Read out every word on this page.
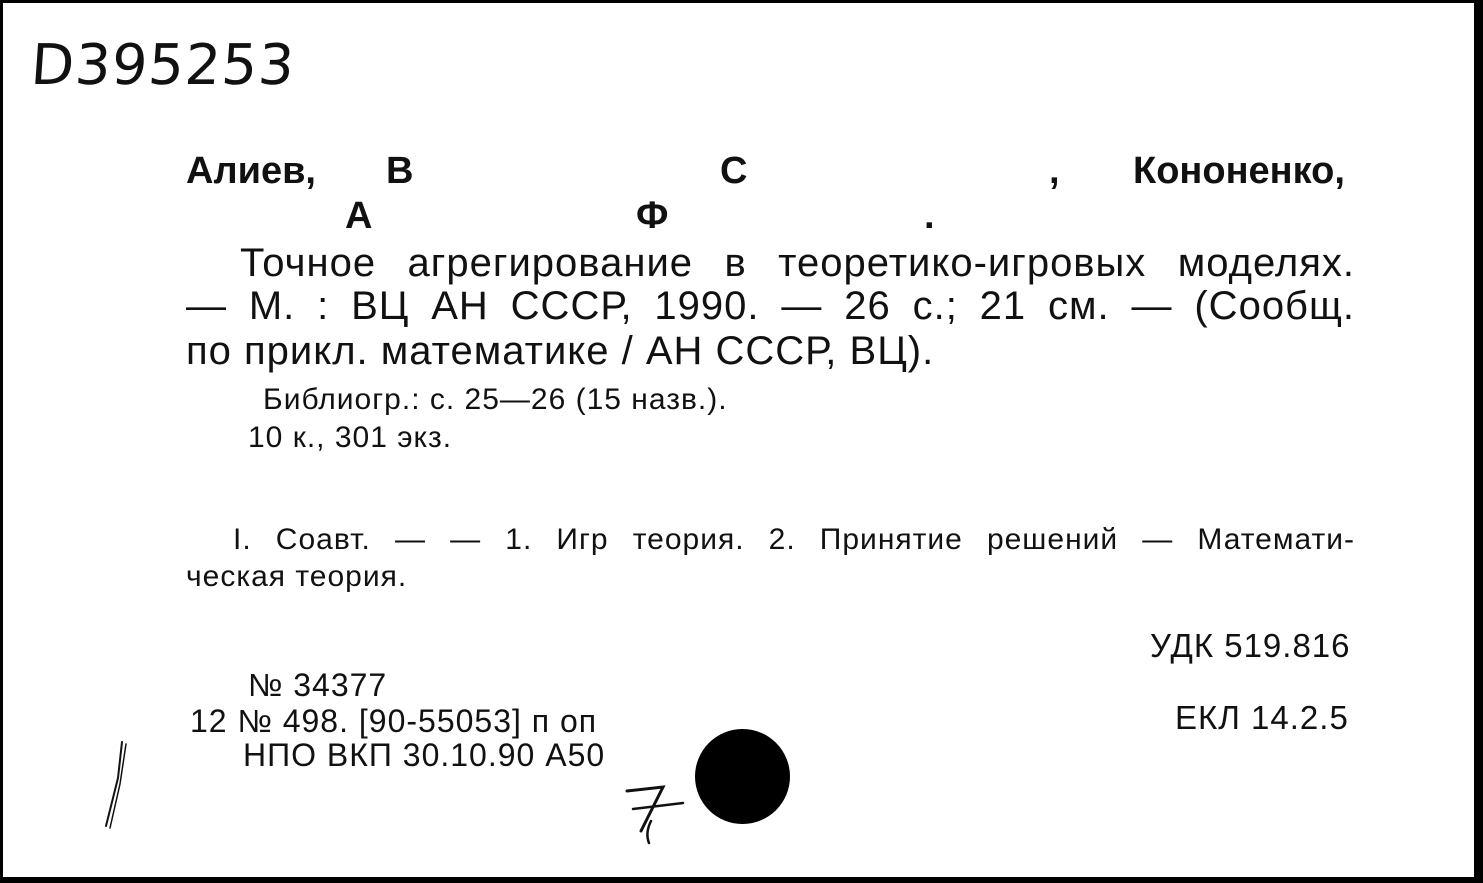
D395253
Алиев, В	С	, Кононенко,
А	Ф	.
Точное агрегирование в теоретико-игровых моделях.
— М. : ВЦ АН СССР, 1990. — 26 с.; 21 см. — (Сообщ.
по прикл. математике / АН СССР, ВЦ).
Библиогр.: с. 25—26 (15 назв.).
10 к., 301 экз.
I. Соавт. — — 1. Игр теория. 2. Принятие решений — Математи-
ческая теория.
УДК 519.816
ЕКЛ 14.2.5
№ 34377
12 № 498. [90-55053] п оп
НПО ВКП 30.10.90 А50
